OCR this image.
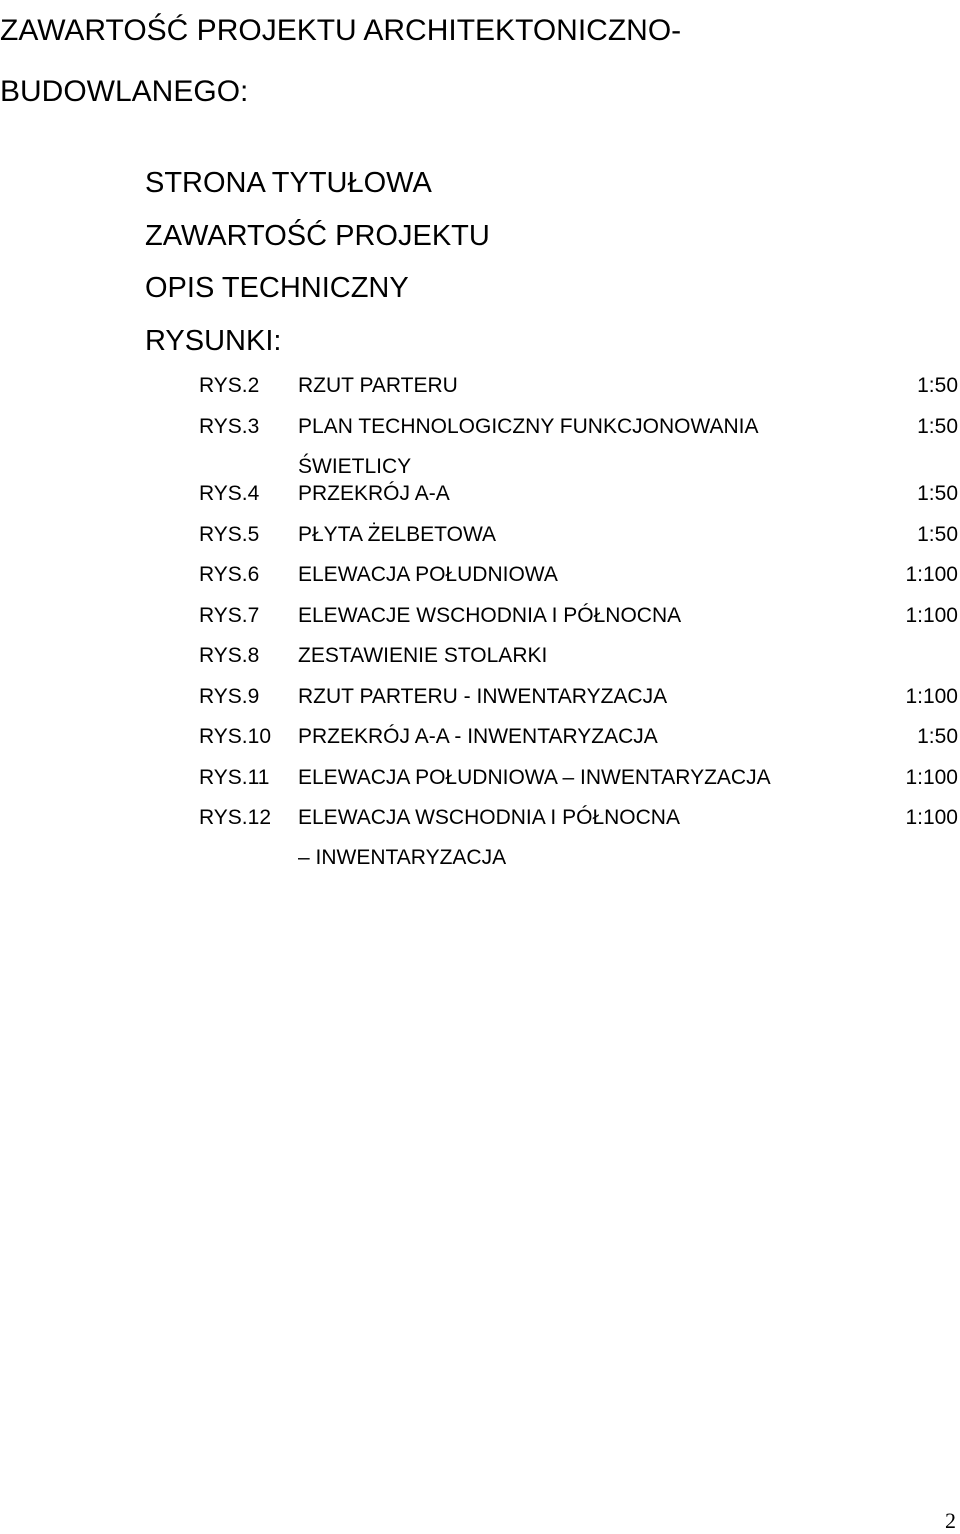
ZAWARTOŚĆ PROJEKTU ARCHITEKTONICZNO-
BUDOWLANEGO:
STRONA TYTUŁOWA
ZAWARTOŚĆ PROJEKTU
OPIS TECHNICZNY
RYSUNKI:
RYS.2	RZUT PARTERU	1:50
RYS.3	PLAN TECHNOLOGICZNY FUNKCJONOWANIA	1:50
ŚWIETLICY
RYS.4	PRZEKRÓJ A-A	1:50
RYS.5	PŁYTA ŻELBETOWA	1:50
RYS.6	ELEWACJA POŁUDNIOWA	1:100
RYS.7	ELEWACJE WSCHODNIA I PÓŁNOCNA	1:100
RYS.8	ZESTAWIENIE STOLARKI
RYS.9	RZUT PARTERU - INWENTARYZACJA	1:100
RYS.10	PRZEKRÓJ A-A - INWENTARYZACJA	1:50
RYS.11	ELEWACJA POŁUDNIOWA – INWENTARYZACJA	1:100
RYS.12	ELEWACJA WSCHODNIA I PÓŁNOCNA	1:100
– INWENTARYZACJA
2
